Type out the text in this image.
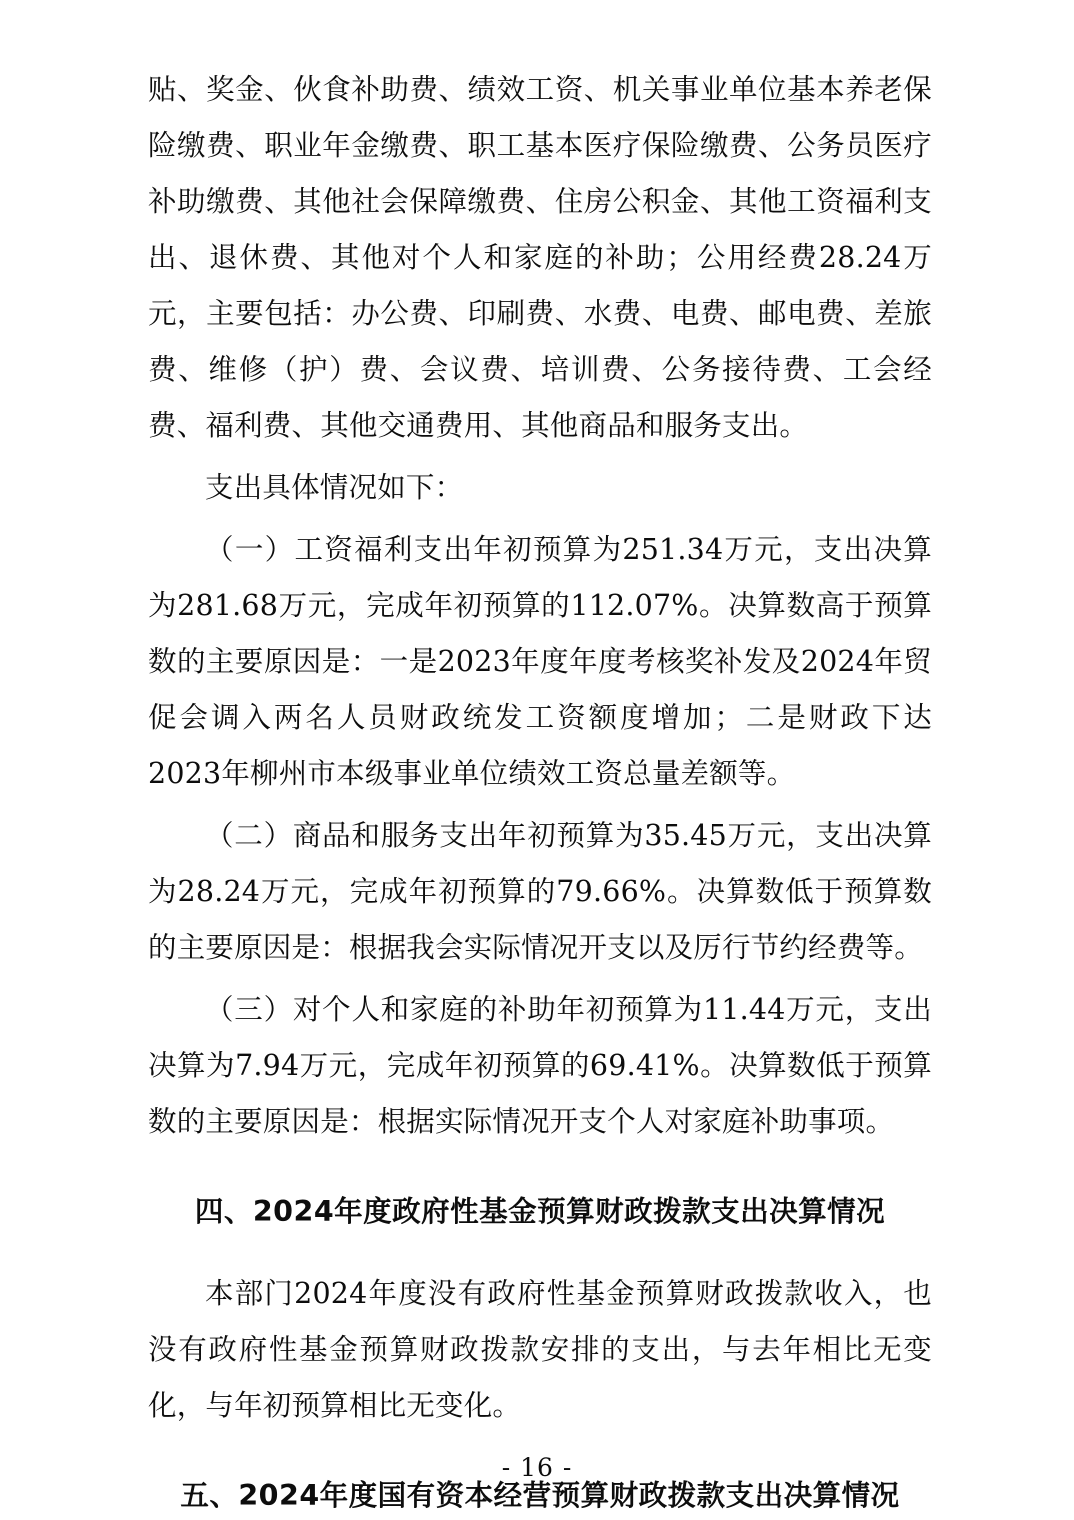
贴、奖金、伙食补助费、绩效工资、机关事业单位基本养老保险缴费、职业年金缴费、职工基本医疗保险缴费、公务员医疗补助缴费、其他社会保障缴费、住房公积金、其他工资福利支出、退休费、其他对个人和家庭的补助；公用经费28.24万元，主要包括：办公费、印刷费、水费、电费、邮电费、差旅费、维修（护）费、会议费、培训费、公务接待费、工会经费、福利费、其他交通费用、其他商品和服务支出。

支出具体情况如下：

（一）工资福利支出年初预算为251.34万元，支出决算为281.68万元，完成年初预算的112.07%。决算数高于预算数的主要原因是：一是2023年度年度考核奖补发及2024年贸促会调入两名人员财政统发工资额度增加；二是财政下达2023年柳州市本级事业单位绩效工资总量差额等。

（二）商品和服务支出年初预算为35.45万元，支出决算为28.24万元，完成年初预算的79.66%。决算数低于预算数的主要原因是：根据我会实际情况开支以及厉行节约经费等。

（三）对个人和家庭的补助年初预算为11.44万元，支出决算为7.94万元，完成年初预算的69.41%。决算数低于预算数的主要原因是：根据实际情况开支个人对家庭补助事项。

四、2024年度政府性基金预算财政拨款支出决算情况

本部门2024年度没有政府性基金预算财政拨款收入，也没有政府性基金预算财政拨款安排的支出，与去年相比无变化，与年初预算相比无变化。

五、2024年度国有资本经营预算财政拨款支出决算情况
- 16 -
